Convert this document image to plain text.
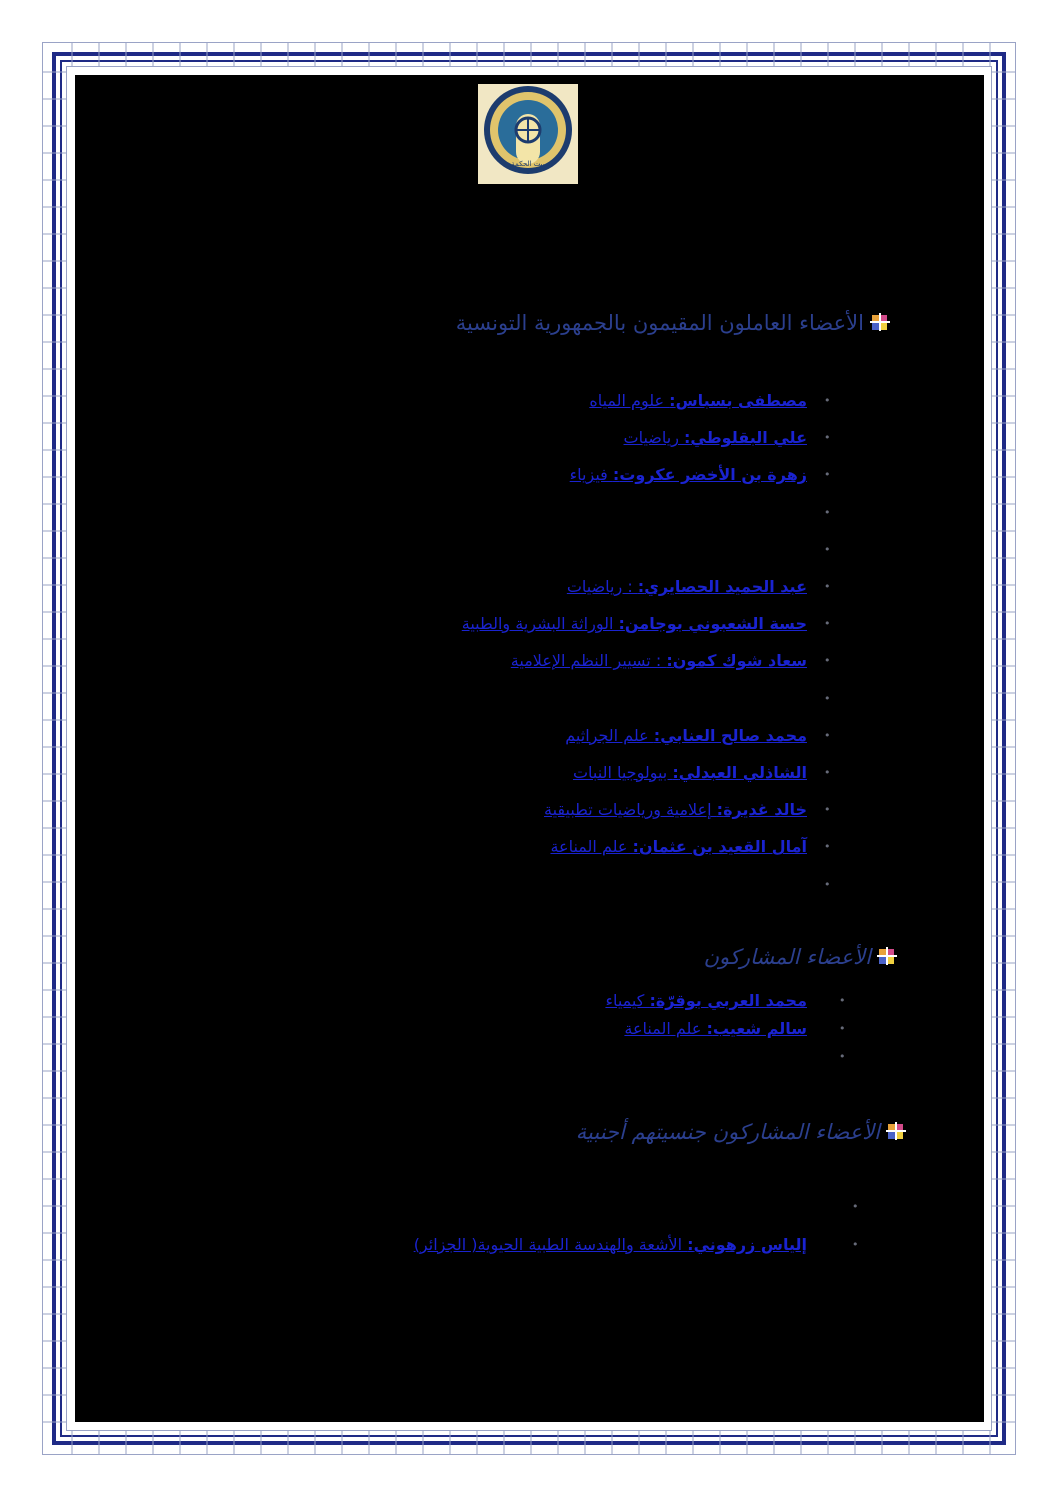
بيت الحكمة
الأعضاء العاملون المقيمون بالجمهورية التونسية
•
مصطفى بسباس: علوم المياه
•
علي البقلوطي: رياضيات
•
زهرة بن الأخضر عكروت: فيزياء
•
•
•
عبد الحميد الحصايري: : رياضيات
•
حسة الشعبوني بوجامن: الوراثة البشرية والطبية
•
سعاد شوك كمون: : تسيير النظم الإعلامية
•
•
محمد صالح العنابي: علم الجراثيم
•
الشاذلي العبدلي: بيولوجيا النبات
•
خالد غديرة: إعلامية ورياضيات تطبيقية
•
آمال القعيد بن عثمان: علم المناعة
•
الأعضاء المشاركون
•
محمد العربي بوقرّة: كيمياء
•
سالم شعيب: علم المناعة
•
الأعضاء المشاركون جنسيتهم أجنبية
•
•
إلياس زرهوني: الأشعة والهندسة الطبية الحيوية( الجزائر)
